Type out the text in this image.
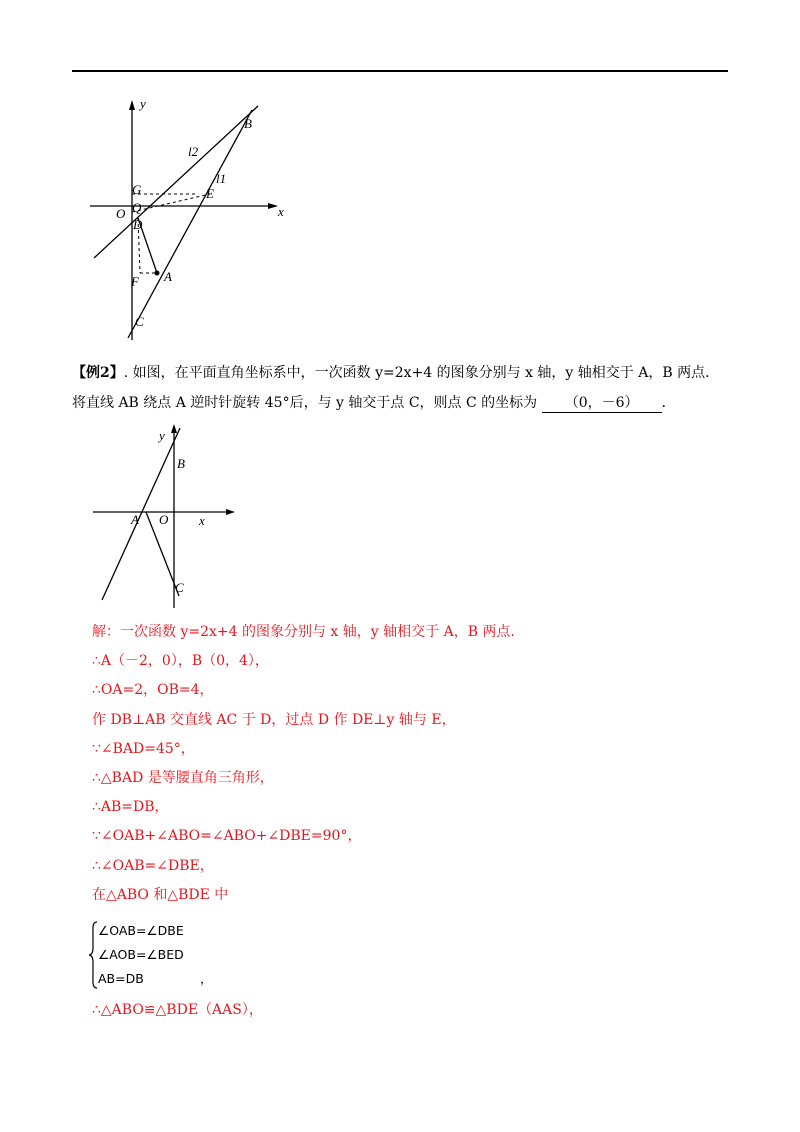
y
x
O
B
l2
l1
G	E
Q
D
A
F
C

【例2】. 如图，在平面直角坐标系中，一次函数 y=2x+4 的图象分别与 x 轴，y 轴相交于 A，B 两点．将直线 AB 绕点 A 逆时针旋转 45°后，与 y 轴交于点 C，则点 C 的坐标为 （0，－6） ．

y
B
A O x
C
解：一次函数 y=2x+4 的图象分别与 x 轴，y 轴相交于 A，B 两点.
∴A（－2，0），B（0，4），
∴OA=2，OB=4，
作 DB⊥AB 交直线 AC 于 D，过点 D 作 DE⊥y 轴与 E，
∵∠BAD=45°，
∴△BAD 是等腰直角三角形，
∴AB=DB，
∵∠OAB+∠ABO=∠ABO+∠DBE=90°，
∴∠OAB=∠DBE，
在△ABO 和△BDE 中
∠OAB=∠DBE
∠AOB=∠BED
AB=DB	，
∴△ABO≌△BDE（AAS），
